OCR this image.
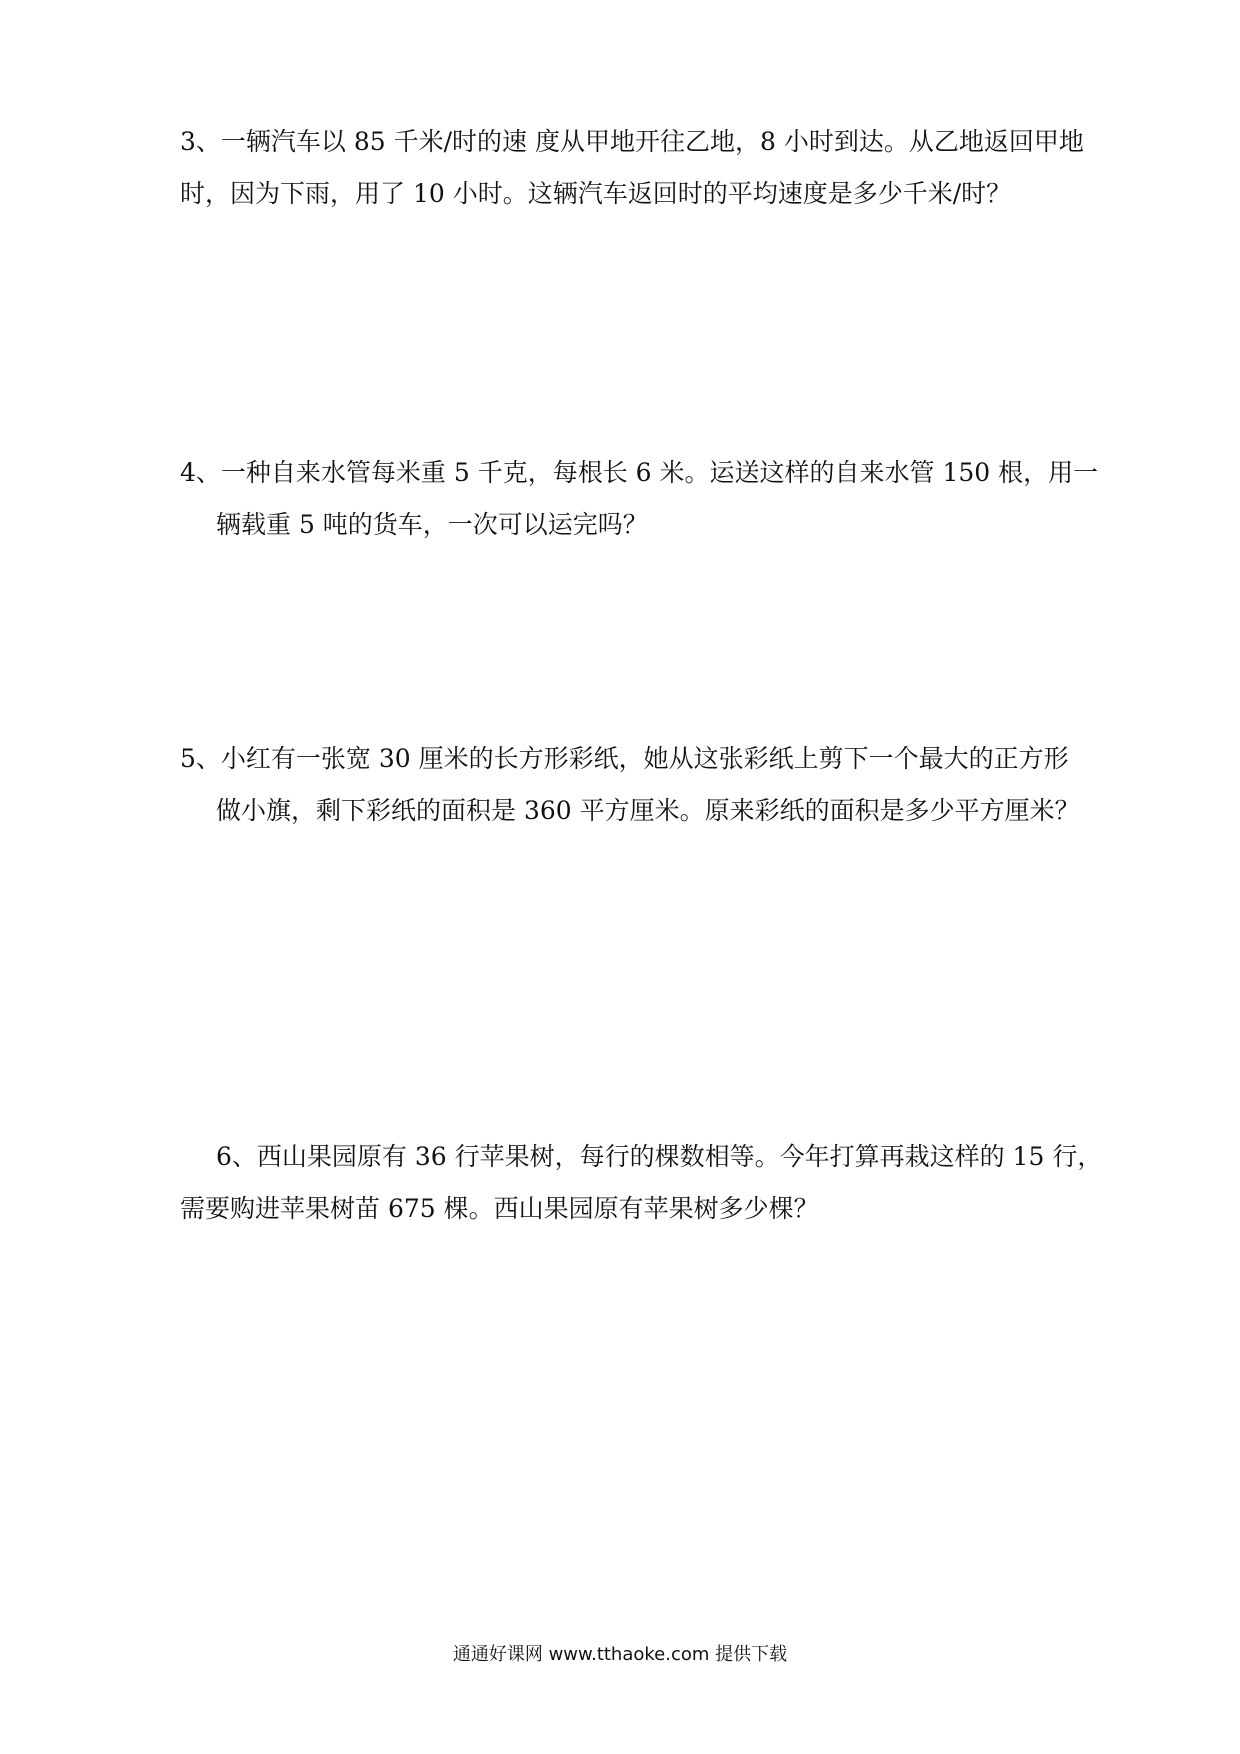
3、一辆汽车以 85 千米/时的速 度从甲地开往乙地，8 小时到达。从乙地返回甲地
时，因为下雨，用了 10 小时。这辆汽车返回时的平均速度是多少千米/时？
4、一种自来水管每米重 5 千克，每根长 6 米。运送这样的自来水管 150 根，用一
辆载重 5 吨的货车，一次可以运完吗？
5、小红有一张宽 30 厘米的长方形彩纸，她从这张彩纸上剪下一个最大的正方形
做小旗，剩下彩纸的面积是 360 平方厘米。原来彩纸的面积是多少平方厘米？
6、西山果园原有 36 行苹果树，每行的棵数相等。今年打算再栽这样的 15 行，
需要购进苹果树苗 675 棵。西山果园原有苹果树多少棵？
通通好课网 www.tthaoke.com 提供下载
